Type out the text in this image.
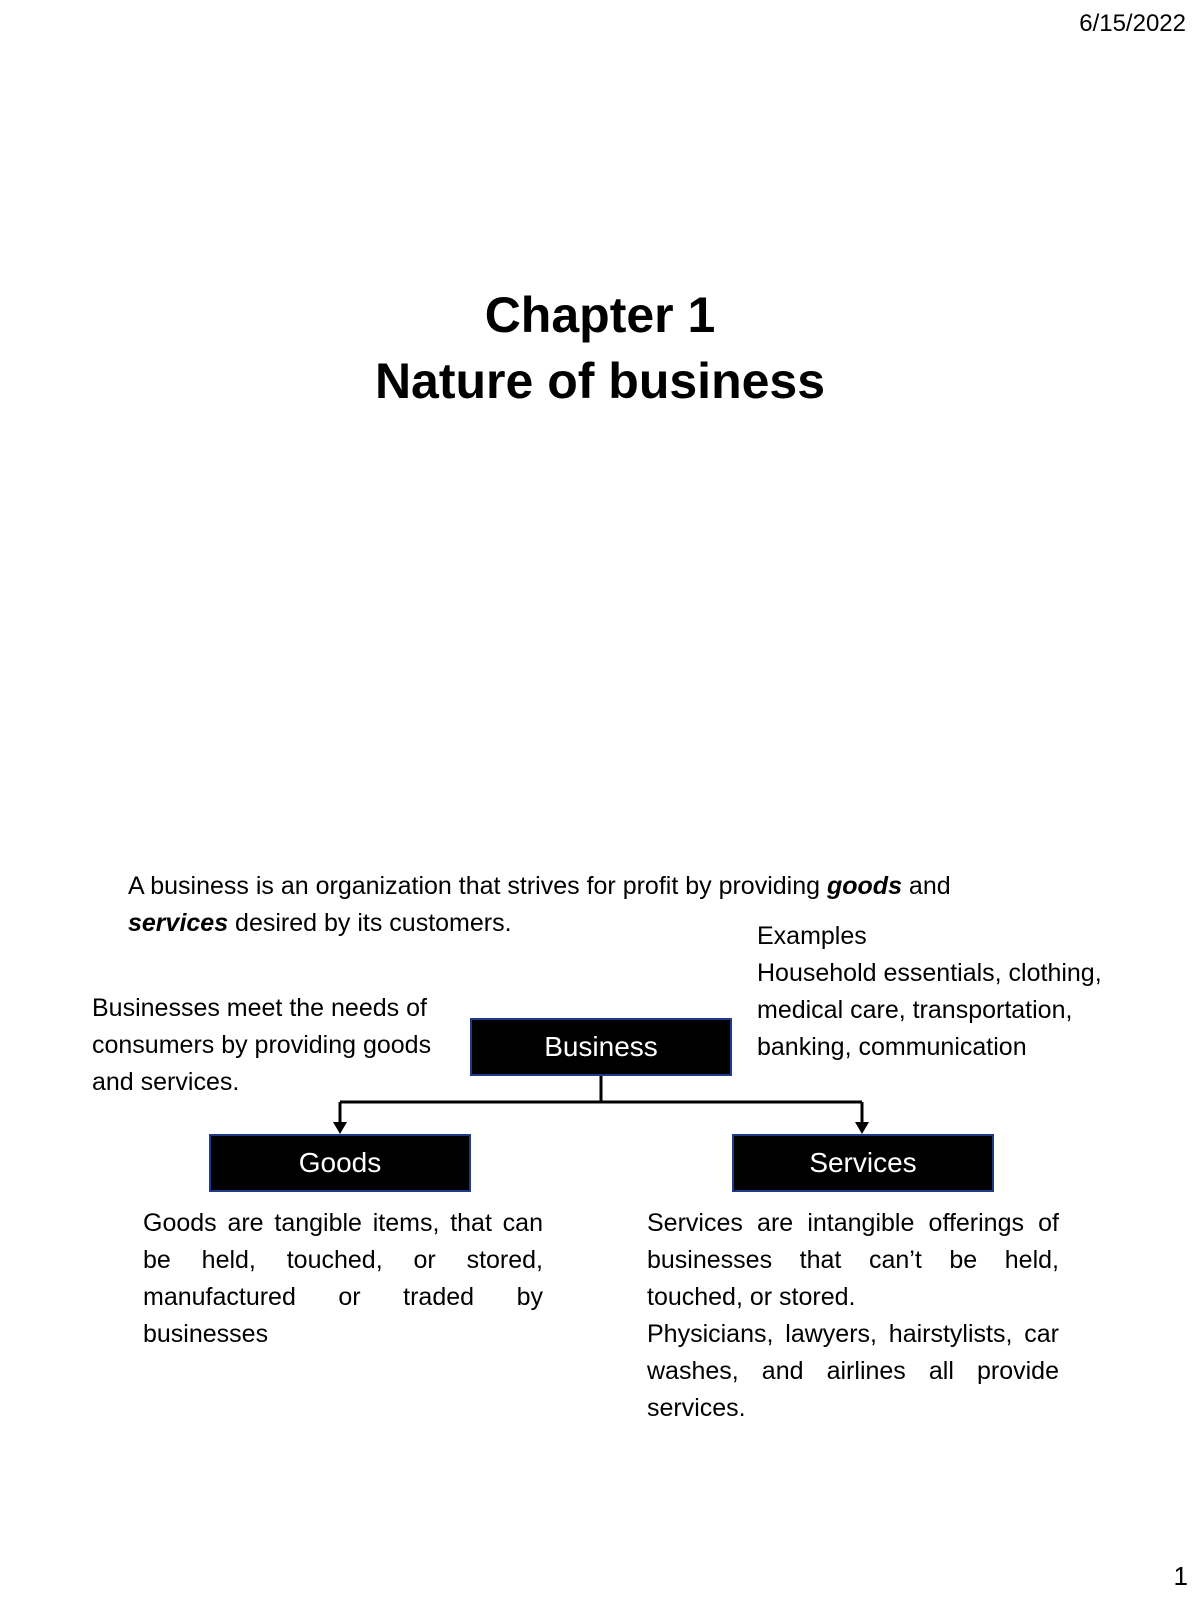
6/15/2022
Chapter 1
Nature of business
A business is an organization that strives for profit by providing goods and
services desired by its customers.	Examples

Household essentials, clothing, medical care, transportation, banking, communication

Businesses meet the needs of consumers by providing goods and services.

Business
Goods	Services

Goods are tangible items, that can be held, touched, or stored, manufactured or traded by businesses

Services are intangible offerings of businesses that can’t be held, touched, or stored.

Physicians, lawyers, hairstylists, car washes, and airlines all provide services.

1
